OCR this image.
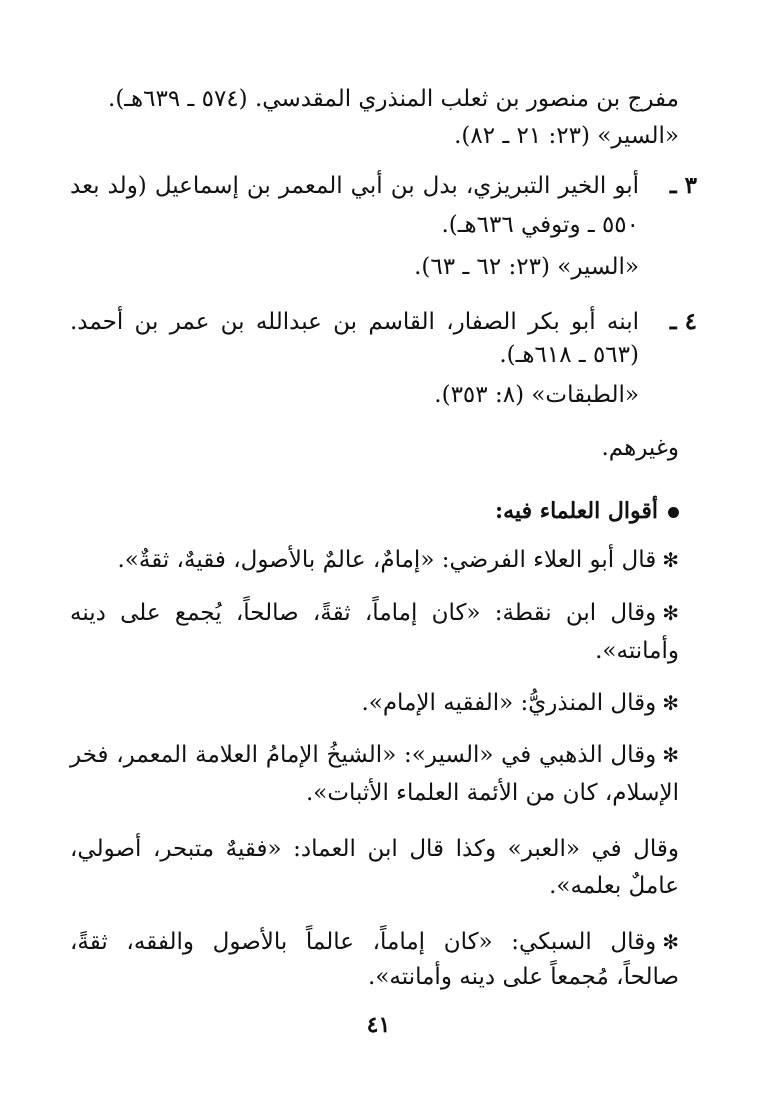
مفرج بن منصور بن ثعلب المنذري المقدسي. (٥٧٤ ـ ٦٣٩هـ).
«السير» (٢٣: ٢١ ـ ٨٢).
٣ ـ
أبو الخير التبريزي، بدل بن أبي المعمر بن إسماعيل (ولد بعد
٥٥٠ ـ وتوفي ٦٣٦هـ).
«السير» (٢٣: ٦٢ ـ ٦٣).
٤ ـ
ابنه أبو بكر الصفار، القاسم بن عبدالله بن عمر بن أحمد.
(٥٦٣ ـ ٦١٨هـ).
«الطبقات» (٨: ٣٥٣).
وغيرهم.
أقوال العلماء فيه:
✻قال أبو العلاء الفرضي: «إمامٌ، عالمٌ بالأصول، فقيهٌ، ثقةٌ».
✻وقال ابن نقطة: «كان إماماً، ثقةً، صالحاً، يُجمع على دينه
وأمانته».
✻وقال المنذريُّ: «الفقيه الإمام».
✻وقال الذهبي في «السير»: «الشيخُ الإمامُ العلامة المعمر، فخر
الإسلام، كان من الأئمة العلماء الأثبات».
وقال في «العبر» وكذا قال ابن العماد: «فقيهٌ متبحر، أصولي،
عاملٌ بعلمه».
✻وقال السبكي: «كان إماماً، عالماً بالأصول والفقه، ثقةً،
صالحاً، مُجمعاً على دينه وأمانته».
٤١
